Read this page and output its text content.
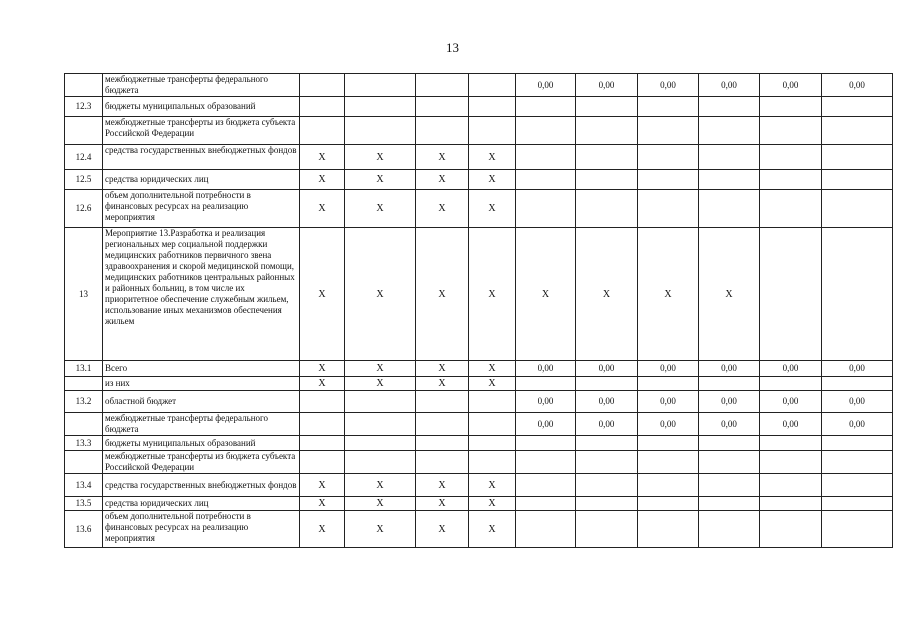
13
	межбюджетные трансферты федерального бюджета					0,00	0,00	0,00	0,00	0,00	0,00
12.3	бюджеты муниципальных образований										
	межбюджетные трансферты из бюджета субъекта Российской Федерации										
12.4	средства государственных внебюджетных фондов	X	X	X	X						
12.5	средства юридических лиц	X	X	X	X						
12.6	объем дополнительной потребности в финансовых ресурсах на реализацию мероприятия	X	X	X	X						
13	Мероприятие 13.Разработка и реализация региональных мер социальной поддержки медицинских работников первичного звена здравоохранения и скорой медицинской помощи, медицинских работников центральных районных и районных больниц, в том числе их приоритетное обеспечение служебным жильем, использование иных механизмов обеспечения жильем	X	X	X	X	X	X	X	X		
13.1	Всего	X	X	X	X	0,00	0,00	0,00	0,00	0,00	0,00
	из них	X	X	X	X						
13.2	областной бюджет					0,00	0,00	0,00	0,00	0,00	0,00
	межбюджетные трансферты федерального бюджета					0,00	0,00	0,00	0,00	0,00	0,00
13.3	бюджеты муниципальных образований										
	межбюджетные трансферты из бюджета субъекта Российской Федерации										
13.4	средства государственных внебюджетных фондов	X	X	X	X						
13.5	средства юридических лиц	X	X	X	X						
13.6	объем дополнительной потребности в финансовых ресурсах на реализацию мероприятия	X	X	X	X						
